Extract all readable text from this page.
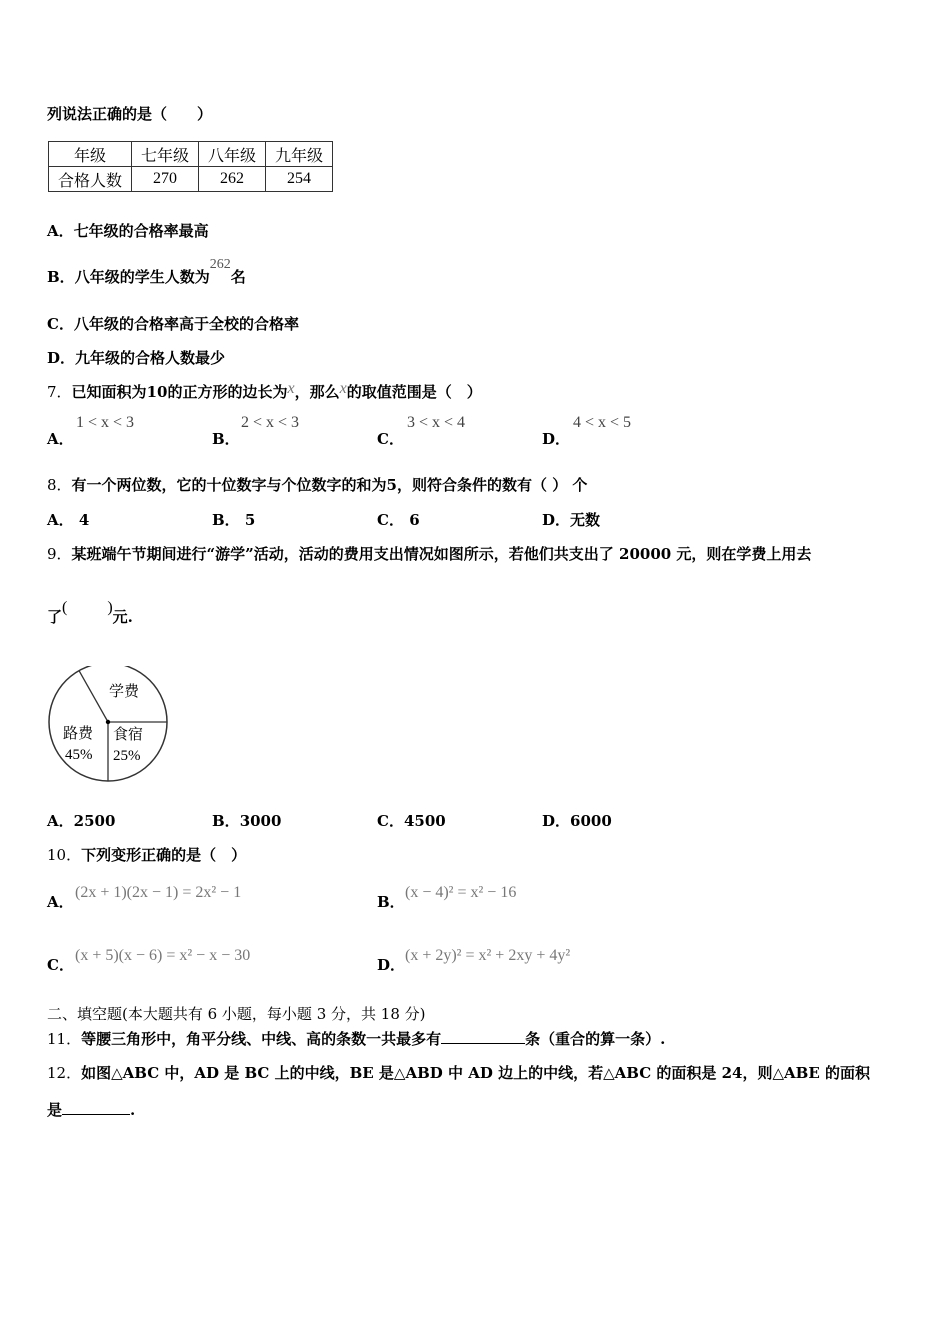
列说法正确的是（　　）
年级	七年级	八年级	九年级
合格人数	270	262	254
A．七年级的合格率最高
B．八年级的学生人数为262名
C．八年级的合格率高于全校的合格率
D．九年级的合格人数最少
7．已知面积为10的正方形的边长为x，那么x的取值范围是（　）
A．
1 < x < 3
B．
2 < x < 3
C．
3 < x < 4
D．
4 < x < 5
8．有一个两位数，它的十位数字与个位数字的和为5，则符合条件的数有（ ） 个
A． 4	B． 5	C． 6	D．无数
9．某班端午节期间进行“游学”活动，活动的费用支出情况如图所示，若他们共支出了 20000 元，则在学费上用去
了(	)元.
学费
路费
45%
食宿
25%
A．2500	B．3000	C．4500	D．6000
10．下列变形正确的是（　）
A．
(2x + 1)(2x − 1) = 2x² − 1
B．
(x − 4)² = x² − 16
C．
(x + 5)(x − 6) = x² − x − 30
D．
(x + 2y)² = x² + 2xy + 4y²
二、填空题(本大题共有 6 小题，每小题 3 分，共 18 分)
11．等腰三角形中，角平分线、中线、高的条数一共最多有	条（重合的算一条）.
12．如图△ABC 中，AD 是 BC 上的中线，BE 是△ABD 中 AD 边上的中线，若△ABC 的面积是 24，则△ABE 的面积
是	.
